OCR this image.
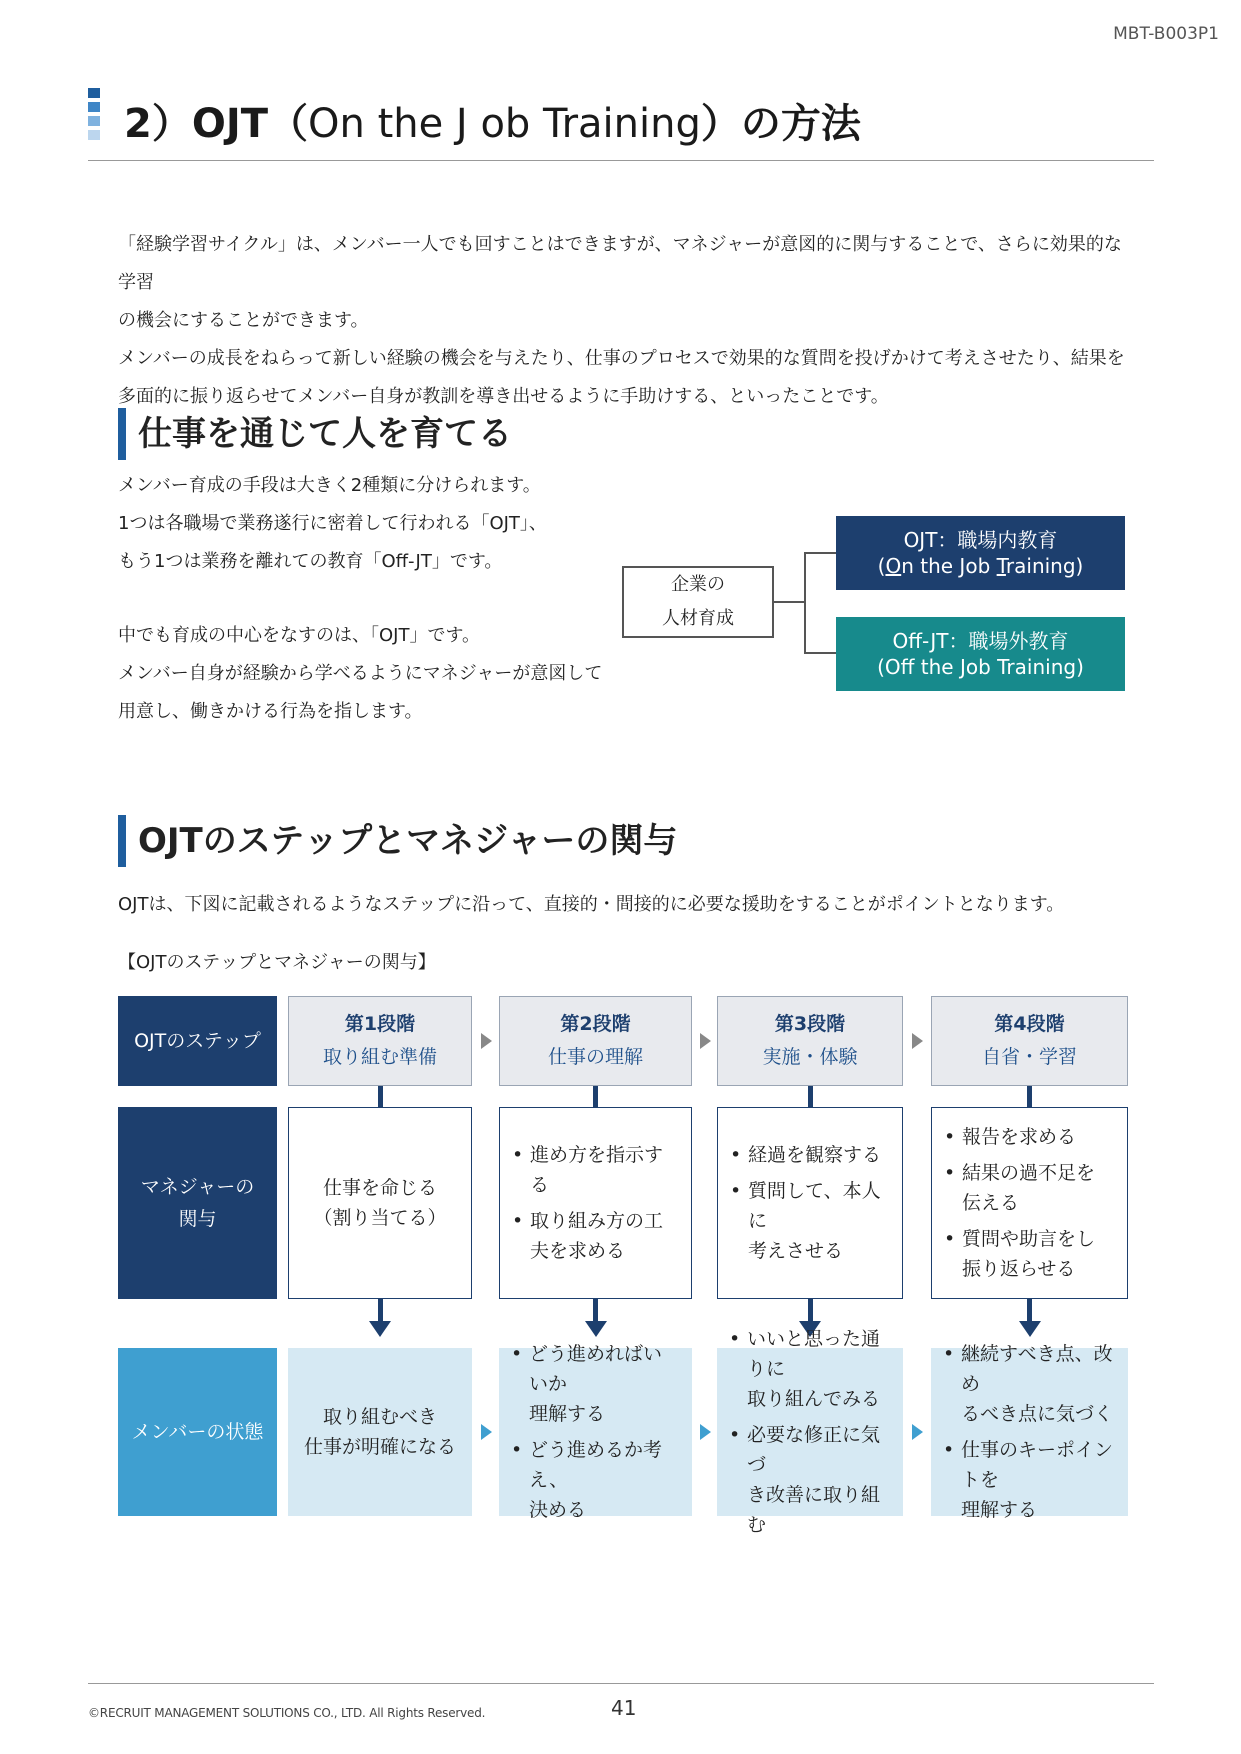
MBT-B003P1
2）OJT（On the J ob Training）の方法

「経験学習サイクル」は、メンバー一人でも回すことはできますが、マネジャーが意図的に関与することで、さらに効果的な学習

の機会にすることができます。

メンバーの成長をねらって新しい経験の機会を与えたり、仕事のプロセスで効果的な質問を投げかけて考えさせたり、結果を

多面的に振り返らせてメンバー自身が教訓を導き出せるように手助けする、といったことです。

仕事を通じて人を育てる

メンバー育成の手段は大きく2種類に分けられます。

1つは各職場で業務遂行に密着して行われる「OJT」、

もう1つは業務を離れての教育「Off-JT」です。

中でも育成の中心をなすのは、「OJT」です。

メンバー自身が経験から学べるようにマネジャーが意図して

用意し、働きかける行為を指します。

企業の
人材育成
OJT：職場内教育
(On the Job Training)
Off-JT：職場外教育
(Off the Job Training)
OJTのステップとマネジャーの関与
OJTは、下図に記載されるようなステップに沿って、直接的・間接的に必要な援助をすることがポイントとなります。
【OJTのステップとマネジャーの関与】
OJTのステップ
マネジャーの
関与
メンバーの状態
第1段階
取り組む準備
仕事を命じる
（割り当てる）
取り組むべき
仕事が明確になる
第2段階
仕事の理解
• 進め方を指示する
• 取り組み方の工
夫を求める
• どう進めればいいか
理解する
• どう進めるか考え、
決める
第3段階
実施・体験
• 経過を観察する
• 質問して、本人に
考えさせる
• いいと思った通りに
取り組んでみる
• 必要な修正に気づ
き改善に取り組む
第4段階
自省・学習
• 報告を求める
• 結果の過不足を
伝える
• 質問や助言をし
振り返らせる
• 継続すべき点、改め
るべき点に気づく
• 仕事のキーポイントを
理解する
©RECRUIT MANAGEMENT SOLUTIONS CO., LTD. All Rights Reserved.	41
